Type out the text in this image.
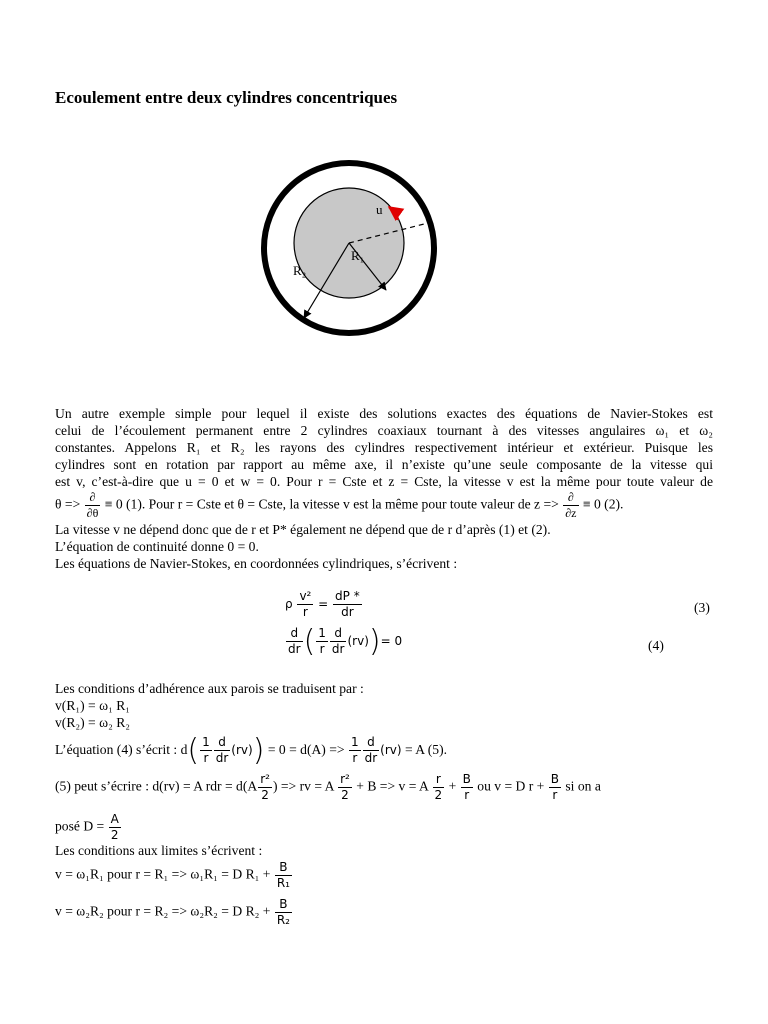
Ecoulement entre deux cylindres concentriques
u
R₁
R₂
Un autre exemple simple pour lequel il existe des solutions exactes des équations de Navier-Stokes est
celui de l’écoulement permanent entre 2 cylindres coaxiaux tournant à des vitesses angulaires ω₁ et ω₂
constantes. Appelons R₁ et R₂ les rayons des cylindres respectivement intérieur et extérieur. Puisque les
cylindres sont en rotation par rapport au même axe, il n’existe qu’une seule composante de la vitesse qui
est v, c’est-à-dire que u = 0 et w = 0. Pour r = Cste et z = Cste, la vitesse v est la même pour toute valeur de
$\theta => \frac{\partial}{\partial\theta} \equiv 0$ (1). Pour r = Cste et θ = Cste, la vitesse v est la même pour toute valeur de $z => \frac{\partial}{\partial z} \equiv 0$ (2).
La vitesse v ne dépend donc que de r et P* également ne dépend que de r d’après (1) et (2).
L’équation de continuité donne 0 = 0.
Les équations de Navier-Stokes, en coordonnées cylindriques, s’écrivent :
ρ $\frac{\text{v²}}{r} = \frac{dP *}{dr}$	(3)
$\frac{d}{dr}$ ( $\frac{1}{r} \frac{d}{dr} (rv))= 0$	(4)
Les conditions d’adhérence aux parois se traduisent par :
v(R₁) = ω₁ R₁
v(R₂) = ω₂ R₂
L’équation (4) s’écrit : $d( \frac{1}{r} \frac{d}{dr} (rv)) = 0 = d(A) => \frac{1}{r} \frac{d}{dr} (rv) = A$ (5).
(5) peut s’écrire : d(rv) = A rdr = $d(A \frac{\text{r²}}{2}$ ) => rv = A $\frac{\text{r²}}{2} + B => v = A \frac{r}{2} + \frac{B}{r}$ ou v = D $r + \frac{B}{r}$ si on a
posé $D = \frac{A}{2}$
Les conditions aux limites s’écrivent :
v = ω₁R₁ pour r = R₁ => ω₁R₁ = D $R_1 + \frac{B}{\text{R₁}}$
v = ω₂R₂ pour r = R₂ => ω₂R₂ = D $R_2 + \frac{B}{\text{R₂}}$
